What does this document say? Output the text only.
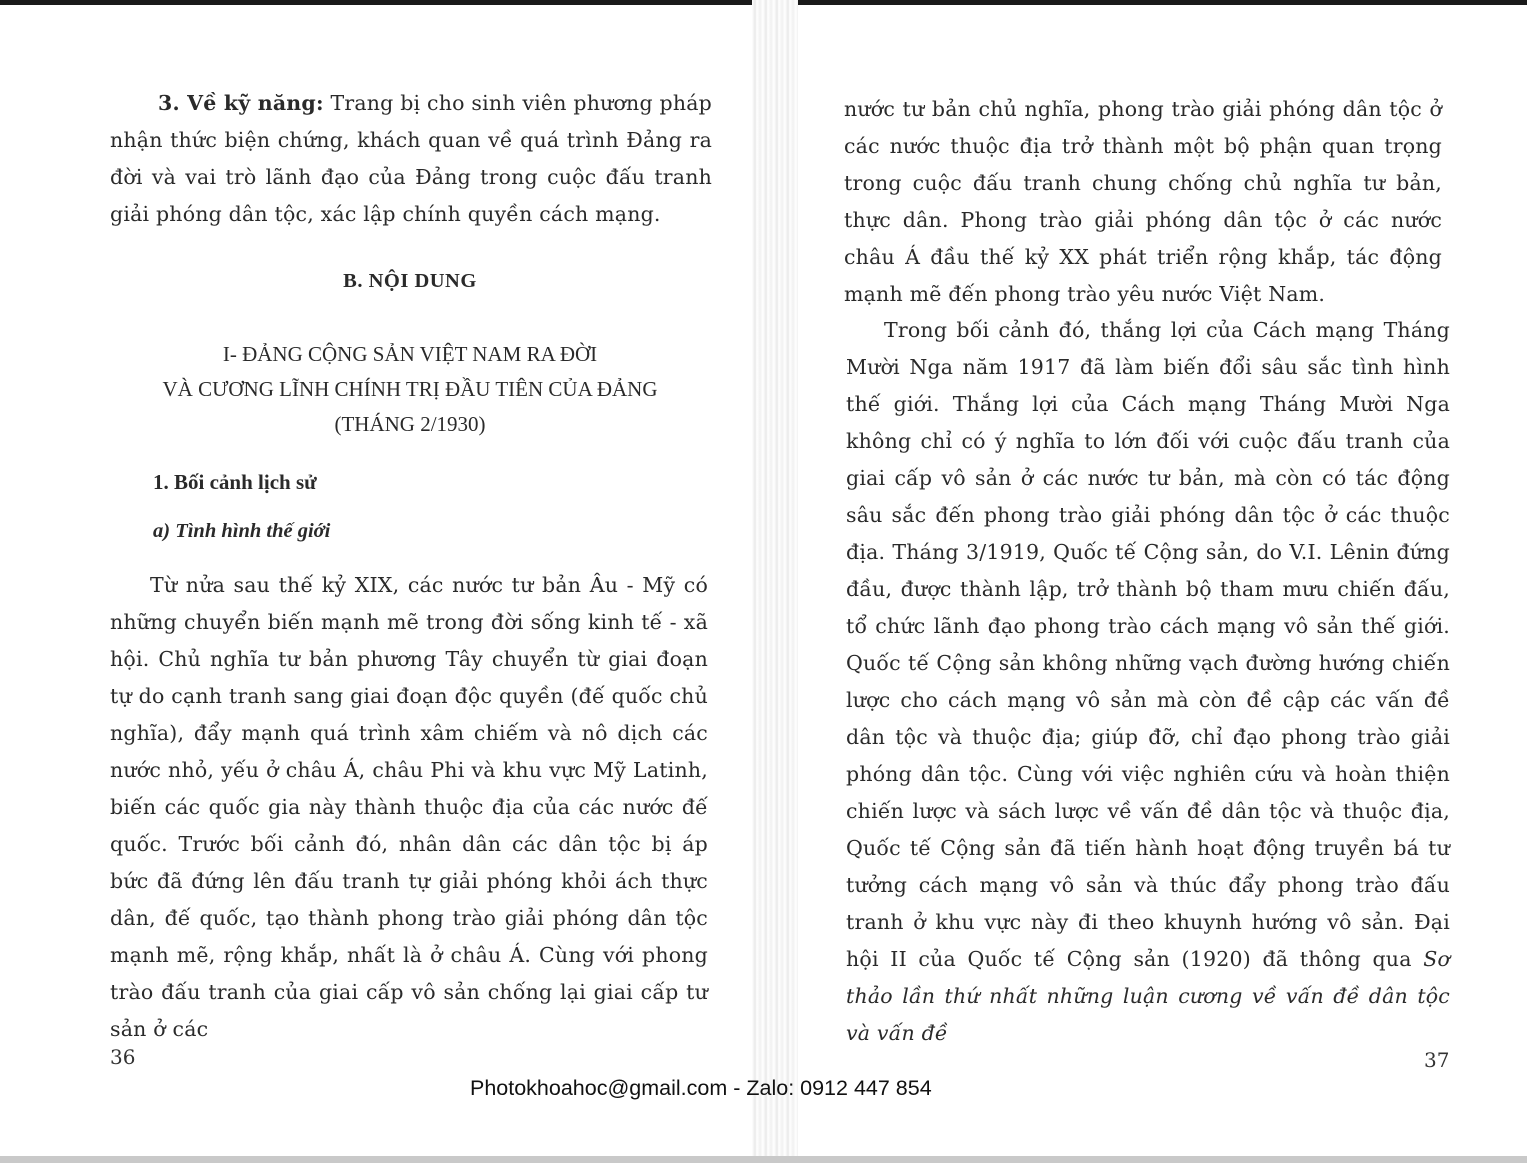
3. Về kỹ năng: Trang bị cho sinh viên phương pháp nhận thức biện chứng, khách quan về quá trình Đảng ra đời và vai trò lãnh đạo của Đảng trong cuộc đấu tranh giải phóng dân tộc, xác lập chính quyền cách mạng.

B. NỘI DUNG
I- ĐẢNG CỘNG SẢN VIỆT NAM RA ĐỜI
VÀ CƯƠNG LĨNH CHÍNH TRỊ ĐẦU TIÊN CỦA ĐẢNG
(THÁNG 2/1930)
1. Bối cảnh lịch sử
a) Tình hình thế giới

Từ nửa sau thế kỷ XIX, các nước tư bản Âu - Mỹ có những chuyển biến mạnh mẽ trong đời sống kinh tế - xã hội. Chủ nghĩa tư bản phương Tây chuyển từ giai đoạn tự do cạnh tranh sang giai đoạn độc quyền (đế quốc chủ nghĩa), đẩy mạnh quá trình xâm chiếm và nô dịch các nước nhỏ, yếu ở châu Á, châu Phi và khu vực Mỹ Latinh, biến các quốc gia này thành thuộc địa của các nước đế quốc. Trước bối cảnh đó, nhân dân các dân tộc bị áp bức đã đứng lên đấu tranh tự giải phóng khỏi ách thực dân, đế quốc, tạo thành phong trào giải phóng dân tộc mạnh mẽ, rộng khắp, nhất là ở châu Á. Cùng với phong trào đấu tranh của giai cấp vô sản chống lại giai cấp tư sản ở các

36

nước tư bản chủ nghĩa, phong trào giải phóng dân tộc ở các nước thuộc địa trở thành một bộ phận quan trọng trong cuộc đấu tranh chung chống chủ nghĩa tư bản, thực dân. Phong trào giải phóng dân tộc ở các nước châu Á đầu thế kỷ XX phát triển rộng khắp, tác động mạnh mẽ đến phong trào yêu nước Việt Nam.

Trong bối cảnh đó, thắng lợi của Cách mạng Tháng Mười Nga năm 1917 đã làm biến đổi sâu sắc tình hình thế giới. Thắng lợi của Cách mạng Tháng Mười Nga không chỉ có ý nghĩa to lớn đối với cuộc đấu tranh của giai cấp vô sản ở các nước tư bản, mà còn có tác động sâu sắc đến phong trào giải phóng dân tộc ở các thuộc địa. Tháng 3/1919, Quốc tế Cộng sản, do V.I. Lênin đứng đầu, được thành lập, trở thành bộ tham mưu chiến đấu, tổ chức lãnh đạo phong trào cách mạng vô sản thế giới. Quốc tế Cộng sản không những vạch đường hướng chiến lược cho cách mạng vô sản mà còn đề cập các vấn đề dân tộc và thuộc địa; giúp đỡ, chỉ đạo phong trào giải phóng dân tộc. Cùng với việc nghiên cứu và hoàn thiện chiến lược và sách lược về vấn đề dân tộc và thuộc địa, Quốc tế Cộng sản đã tiến hành hoạt động truyền bá tư tưởng cách mạng vô sản và thúc đẩy phong trào đấu tranh ở khu vực này đi theo khuynh hướng vô sản. Đại hội II của Quốc tế Cộng sản (1920) đã thông qua Sơ thảo lần thứ nhất những luận cương về vấn đề dân tộc và vấn đề

37
Photokhoahoc@gmail.com - Zalo: 0912 447 854
